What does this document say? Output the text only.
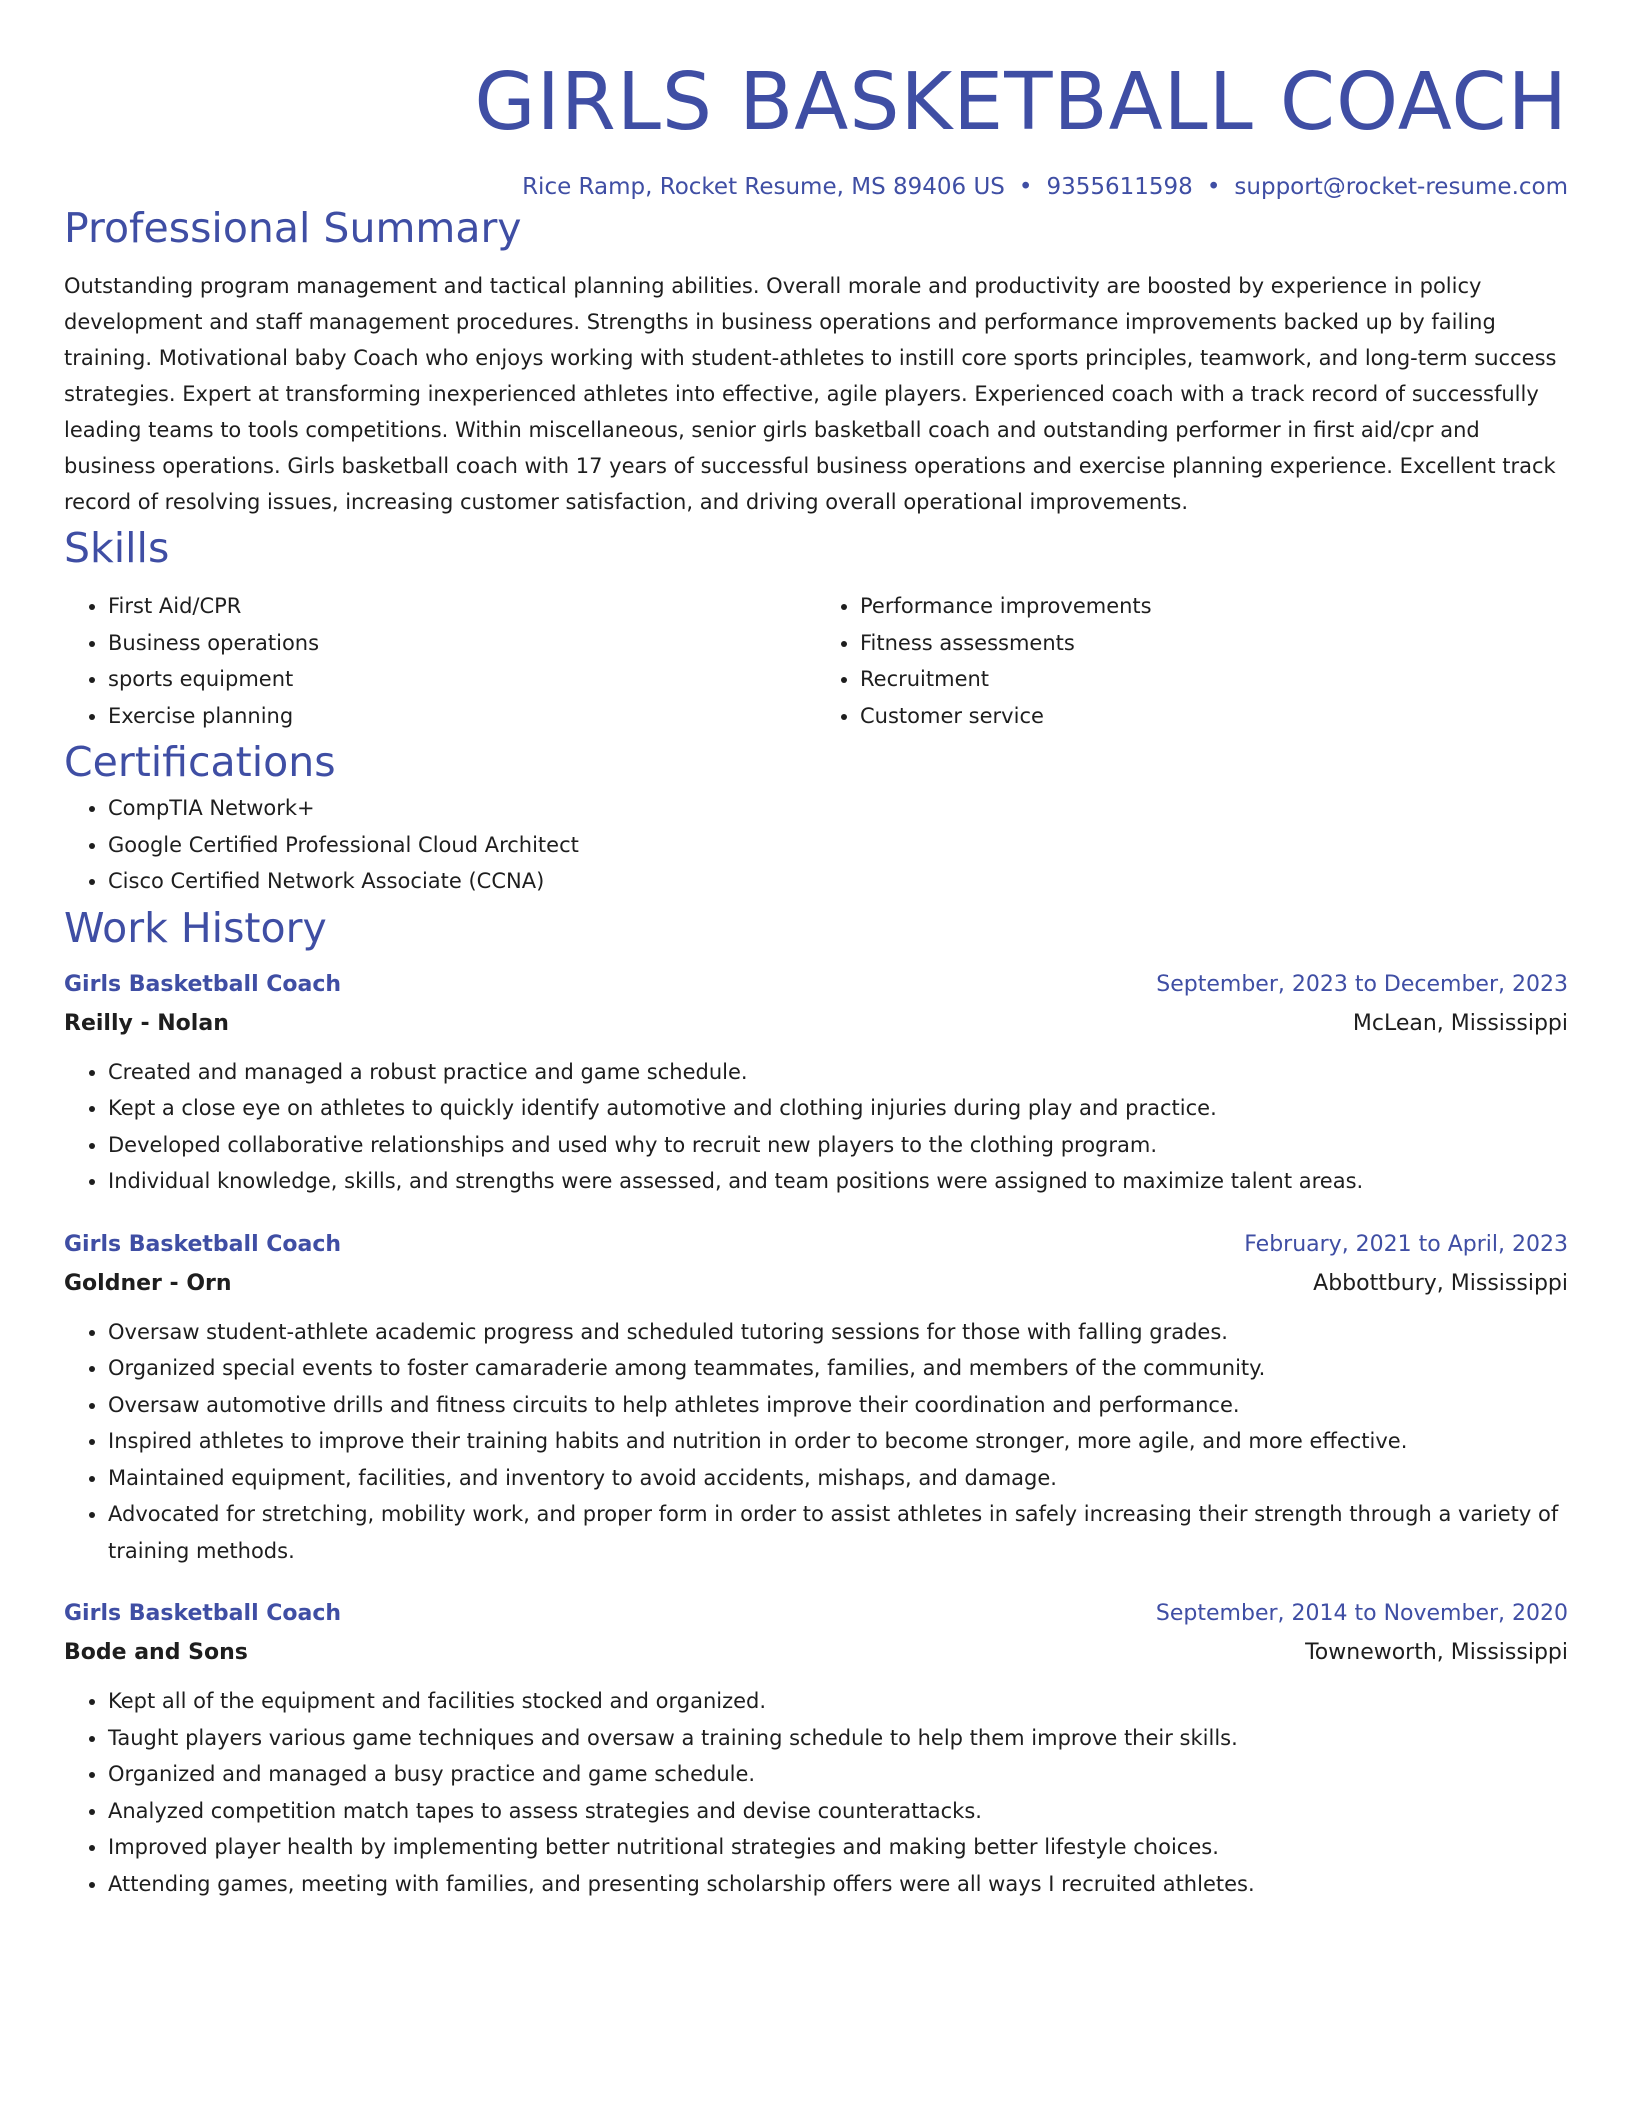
GIRLS BASKETBALL COACH
Rice Ramp, Rocket Resume, MS 89406 US • 9355611598 • support@rocket-resume.com
Professional Summary

Outstanding program management and tactical planning abilities. Overall morale and productivity are boosted by experience in policy development and staff management procedures. Strengths in business operations and performance improvements backed up by failing training. Motivational baby Coach who enjoys working with student-athletes to instill core sports principles, teamwork, and long-term success strategies. Expert at transforming inexperienced athletes into effective, agile players. Experienced coach with a track record of successfully leading teams to tools competitions. Within miscellaneous, senior girls basketball coach and outstanding performer in first aid/cpr and business operations. Girls basketball coach with 17 years of successful business operations and exercise planning experience. Excellent track record of resolving issues, increasing customer satisfaction, and driving overall operational improvements.

Skills
• First Aid/CPR
• Business operations
• sports equipment
• Exercise planning
• Performance improvements
• Fitness assessments
• Recruitment
• Customer service
Certifications
• CompTIA Network+
• Google Certified Professional Cloud Architect
• Cisco Certified Network Associate (CCNA)
Work History
Girls Basketball Coach	September, 2023 to December, 2023
Reilly - Nolan	McLean, Mississippi
• Created and managed a robust practice and game schedule.
• Kept a close eye on athletes to quickly identify automotive and clothing injuries during play and practice.
• Developed collaborative relationships and used why to recruit new players to the clothing program.
• Individual knowledge, skills, and strengths were assessed, and team positions were assigned to maximize talent areas.
Girls Basketball Coach	February, 2021 to April, 2023
Goldner - Orn	Abbottbury, Mississippi
• Oversaw student-athlete academic progress and scheduled tutoring sessions for those with falling grades.
• Organized special events to foster camaraderie among teammates, families, and members of the community.
• Oversaw automotive drills and fitness circuits to help athletes improve their coordination and performance.
• Inspired athletes to improve their training habits and nutrition in order to become stronger, more agile, and more effective.
• Maintained equipment, facilities, and inventory to avoid accidents, mishaps, and damage.
• Advocated for stretching, mobility work, and proper form in order to assist athletes in safely increasing their strength through a variety of training methods.
Girls Basketball Coach	September, 2014 to November, 2020
Bode and Sons	Towneworth, Mississippi
• Kept all of the equipment and facilities stocked and organized.
• Taught players various game techniques and oversaw a training schedule to help them improve their skills.
• Organized and managed a busy practice and game schedule.
• Analyzed competition match tapes to assess strategies and devise counterattacks.
• Improved player health by implementing better nutritional strategies and making better lifestyle choices.
• Attending games, meeting with families, and presenting scholarship offers were all ways I recruited athletes.
